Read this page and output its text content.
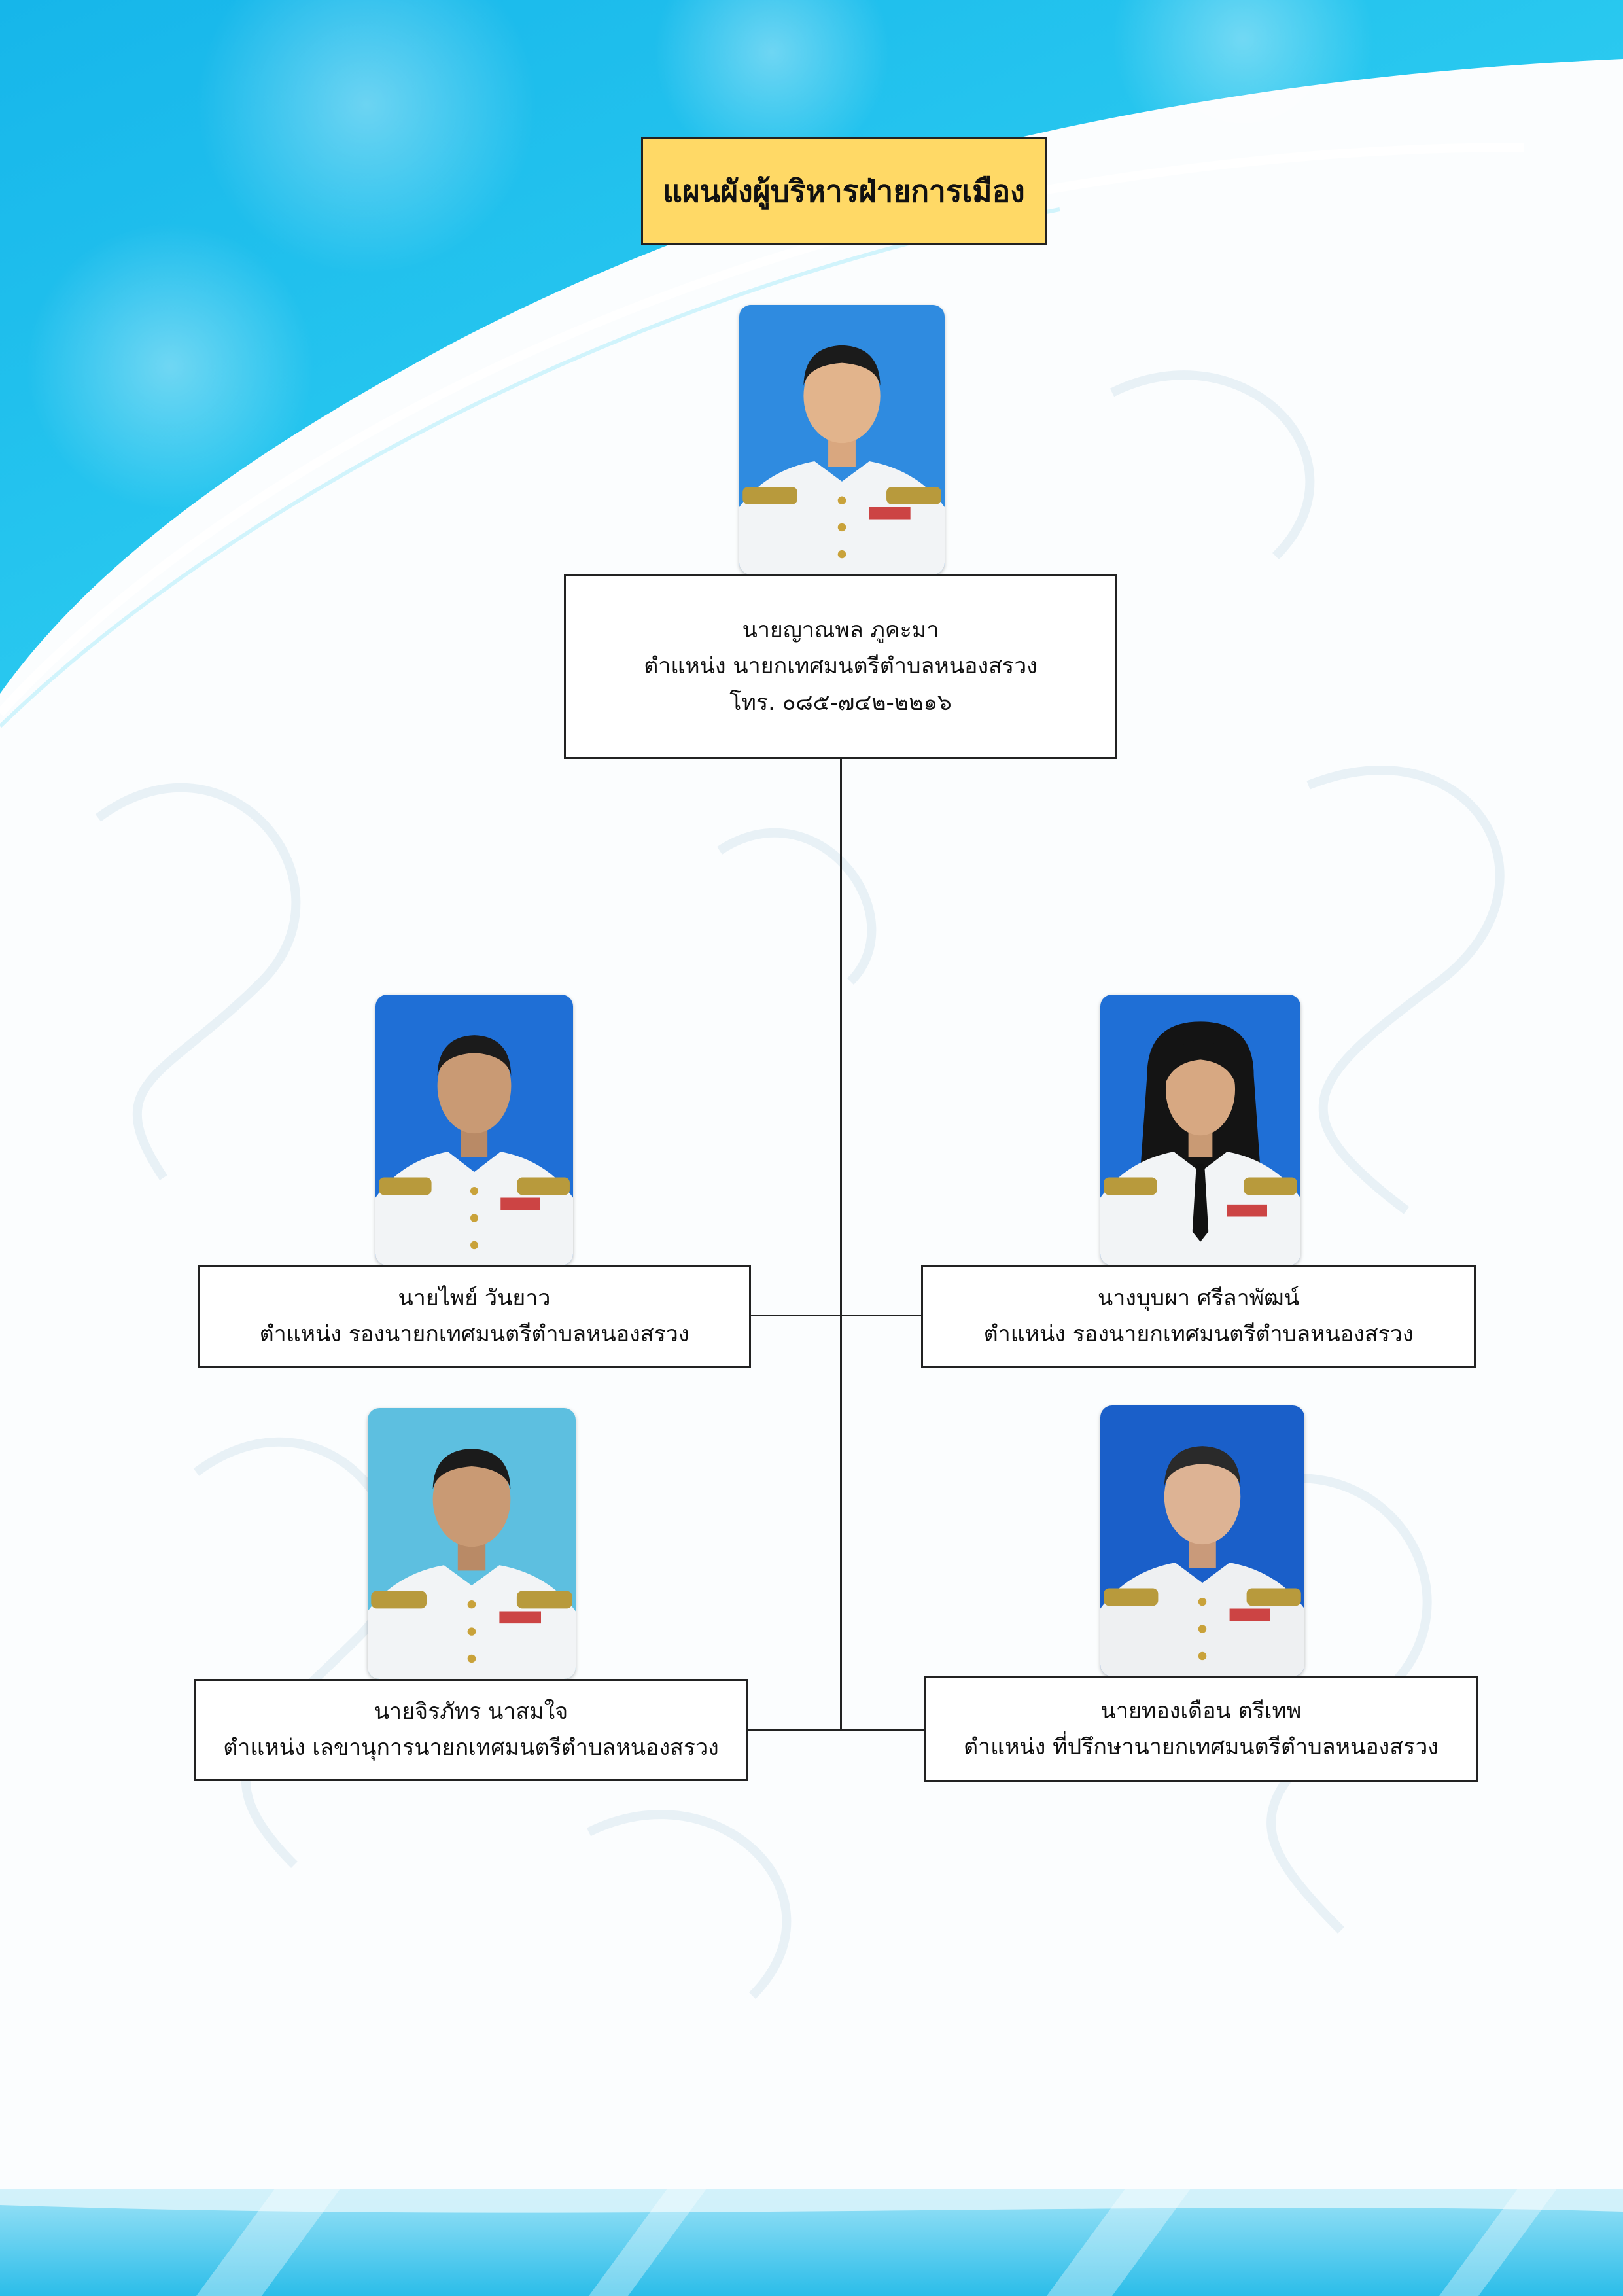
แผนผังผู้บริหารฝ่ายการเมือง
นายญาณพล ภูคะมา
ตำแหน่ง นายกเทศมนตรีตำบลหนองสรวง
โทร. ๐๘๕-๗๔๒-๒๒๑๖
นายไพย์ วันยาว
ตำแหน่ง รองนายกเทศมนตรีตำบลหนองสรวง
นางบุบผา ศรีลาพัฒน์
ตำแหน่ง รองนายกเทศมนตรีตำบลหนองสรวง
นายจิรภัทร นาสมใจ
ตำแหน่ง เลขานุการนายกเทศมนตรีตำบลหนองสรวง
นายทองเดือน ตรีเทพ
ตำแหน่ง ที่ปรึกษานายกเทศมนตรีตำบลหนองสรวง
